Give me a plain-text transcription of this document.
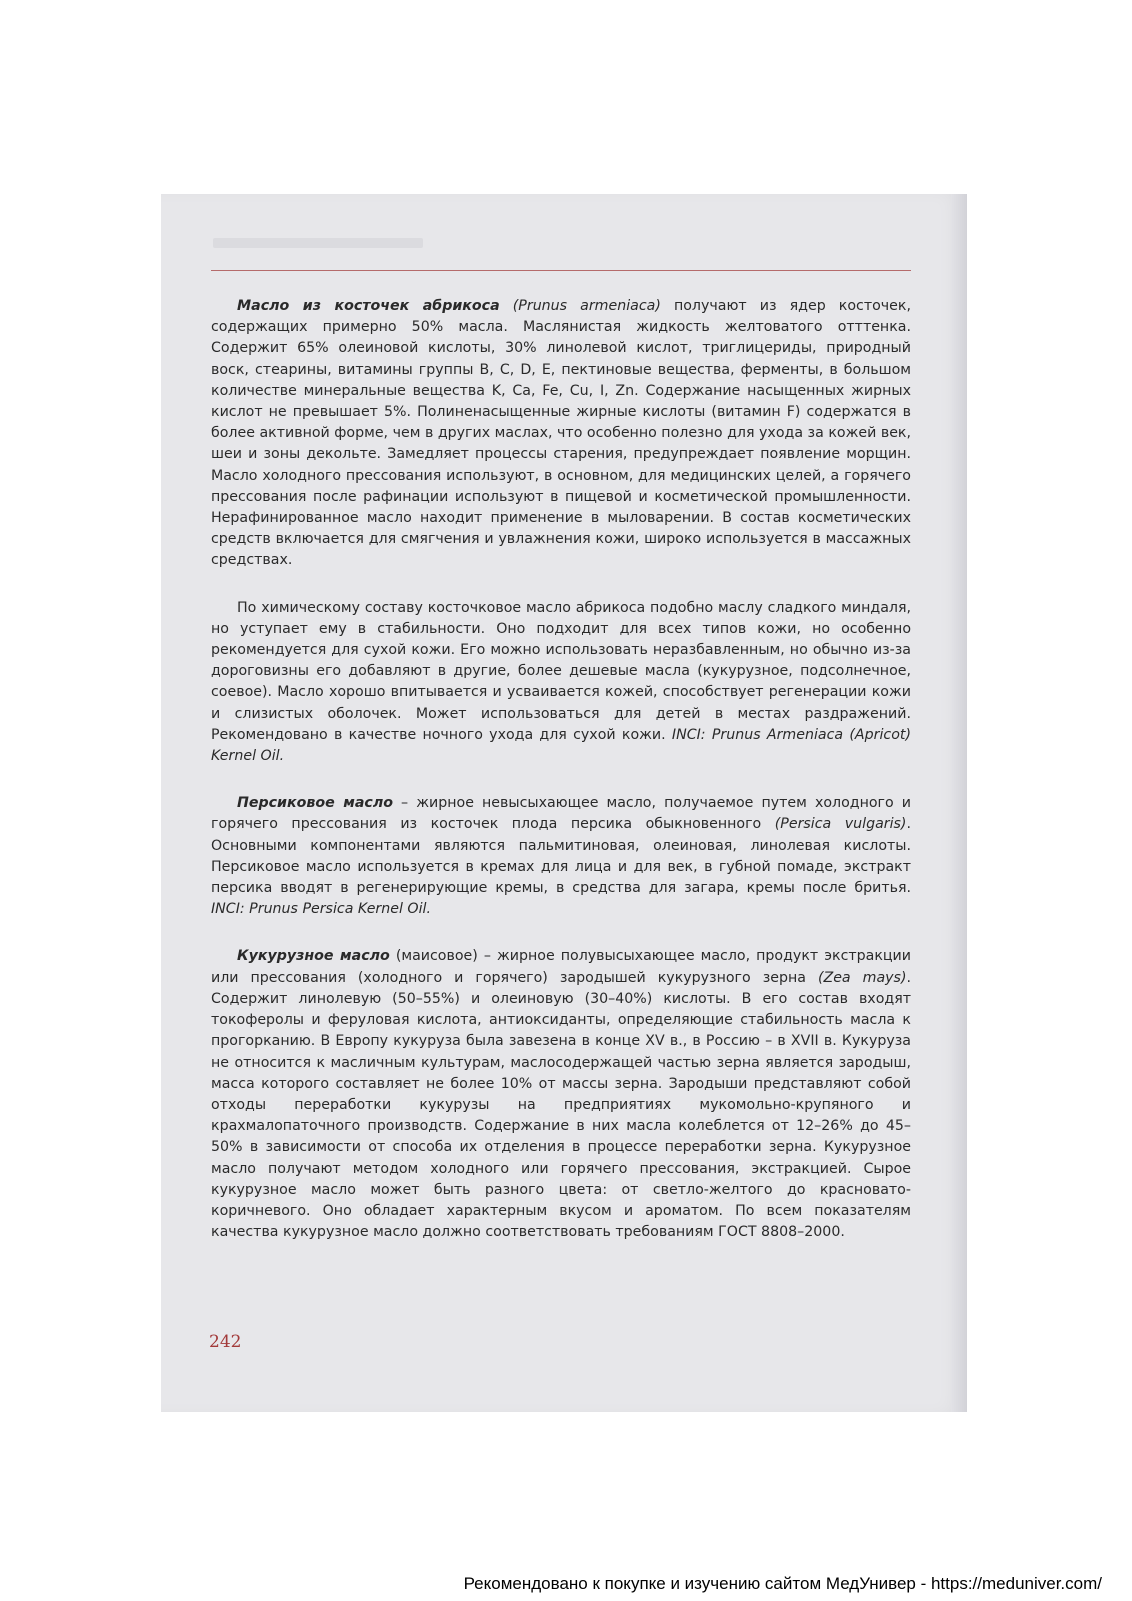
Масло из косточек абрикоса (Prunus armeniaca) получают из ядер косточек, содержащих примерно 50% масла. Маслянистая жидкость желтоватого отттенка. Содержит 65% олеиновой кислоты, 30% линолевой кислот, триглицериды, природный воск, стеарины, витамины группы B, C, D, E, пектиновые вещества, ферменты, в большом количестве минеральные вещества K, Ca, Fe, Cu, I, Zn. Содержание насыщенных жирных кислот не превышает 5%. Полиненасыщенные жирные кислоты (витамин F) содержатся в более активной форме, чем в других маслах, что особенно полезно для ухода за кожей век, шеи и зоны декольте. Замедляет процессы старения, предупреждает появление морщин. Масло холодного прессования используют, в основном, для медицинских целей, а горячего прессования после рафинации используют в пищевой и косметической промышленности. Нерафинированное масло находит применение в мыловарении. В состав косметических средств включается для смягчения и увлажнения кожи, широко используется в массажных средствах.

По химическому составу косточковое масло абрикоса подобно маслу сладкого миндаля, но уступает ему в стабильности. Оно подходит для всех типов кожи, но особенно рекомендуется для сухой кожи. Его можно использовать неразбавленным, но обычно из-за дороговизны его добавляют в другие, более дешевые масла (кукурузное, подсолнечное, соевое). Масло хорошо впитывается и усваивается кожей, способствует регенерации кожи и слизистых оболочек. Может использоваться для детей в местах раздражений. Рекомендовано в качестве ночного ухода для сухой кожи. INCI: Prunus Armeniaca (Apricot) Kernel Oil.

Персиковое масло – жирное невысыхающее масло, получаемое путем холодного и горячего прессования из косточек плода персика обыкновенного (Persica vulgaris). Основными компонентами являются пальмитиновая, олеиновая, линолевая кислоты. Персиковое масло используется в кремах для лица и для век, в губной помаде, экстракт персика вводят в регенерирующие кремы, в средства для загара, кремы после бритья. INCI: Prunus Persica Kernel Oil.

Кукурузное масло (маисовое) – жирное полувысыхающее масло, продукт экстракции или прессования (холодного и горячего) зародышей кукурузного зерна (Zea mays). Содержит линолевую (50–55%) и олеиновую (30–40%) кислоты. В его состав входят токоферолы и феруловая кислота, антиоксиданты, определяющие стабильность масла к прогорканию. В Европу кукуруза была завезена в конце XV в., в Россию – в XVII в. Кукуруза не относится к масличным культурам, маслосодержащей частью зерна является зародыш, масса которого составляет не более 10% от массы зерна. Зародыши представляют собой отходы переработки кукурузы на предприятиях мукомольно-крупяного и крахмалопаточного производств. Содержание в них масла колеблется от 12–26% до 45–50% в зависимости от способа их отделения в процессе переработки зерна. Кукурузное масло получают методом холодного или горячего прессования, экстракцией. Сырое кукурузное масло может быть разного цвета: от светло-желтого до красновато-коричневого. Оно обладает характерным вкусом и ароматом. По всем показателям качества кукурузное масло должно соответствовать требованиям ГОСТ 8808–2000.

242
Рекомендовано к покупке и изучению сайтом МедУнивер - https://meduniver.com/
